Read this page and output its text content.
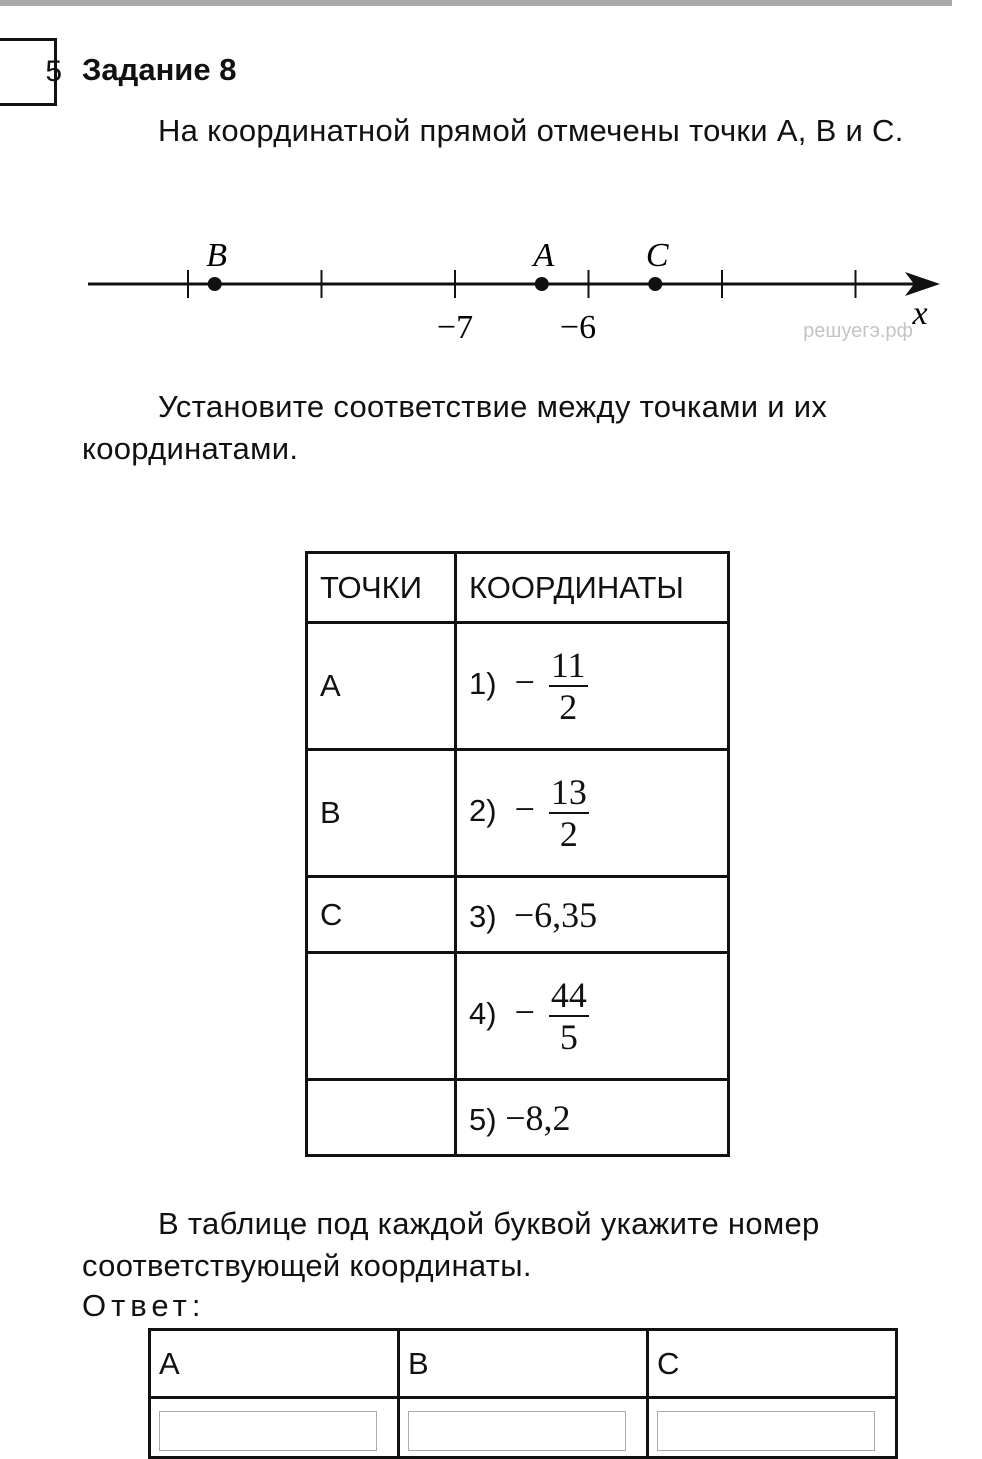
5 Задание 8
На координатной прямой отмечены точки A, B и C.
B	A	C
−7	−6	x
решуегэ.рф
Установите соответствие между точками и их координатами.
ТОЧКИ	КООРДИНАТЫ
A	$1) - \frac{11}{2}$

B	$2) - \frac{13}{2}$

C	3) −6,35
	$4) - \frac{44}{5}$

	5) −8,2
В таблице под каждой буквой укажите номер соответствующей координаты.
Ответ:
A	B	C
